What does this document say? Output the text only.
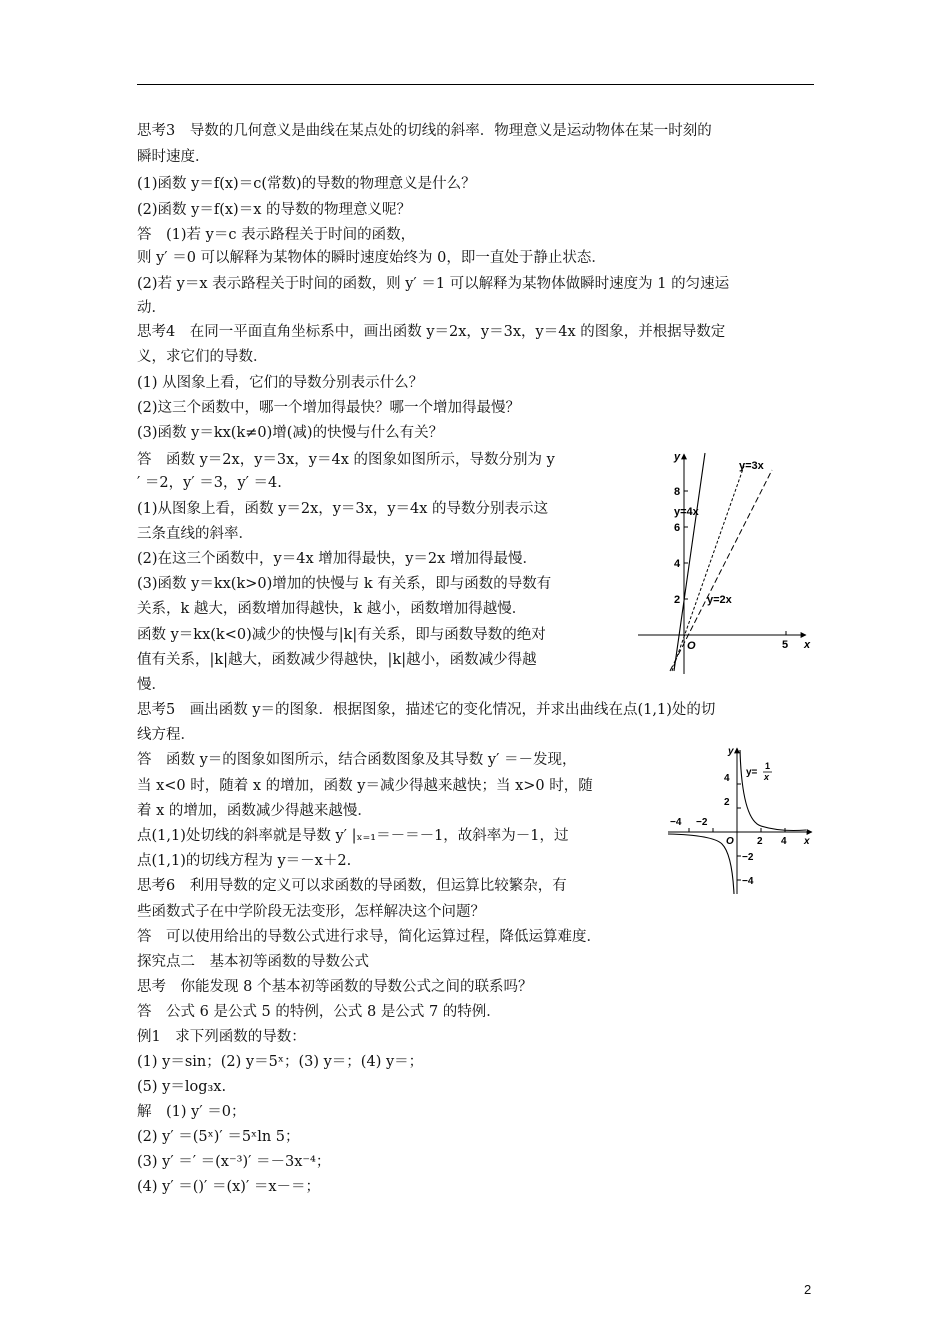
思考3　导数的几何意义是曲线在某点处的切线的斜率．物理意义是运动物体在某一时刻的
瞬时速度．
(1)函数 y＝f(x)＝c(常数)的导数的物理意义是什么？
(2)函数 y＝f(x)＝x 的导数的物理意义呢？
答　(1)若 y＝c 表示路程关于时间的函数，
则 y′ ＝0 可以解释为某物体的瞬时速度始终为 0，即一直处于静止状态．
(2)若 y＝x 表示路程关于时间的函数，则 y′ ＝1 可以解释为某物体做瞬时速度为 1 的匀速运
动．
思考4　在同一平面直角坐标系中，画出函数 y＝2x，y＝3x，y＝4x 的图象，并根据导数定
义，求它们的导数．
(1) 从图象上看，它们的导数分别表示什么？
(2)这三个函数中，哪一个增加得最快？哪一个增加得最慢？
(3)函数 y＝kx(k≠0)增(减)的快慢与什么有关？
答　函数 y＝2x，y＝3x，y＝4x 的图象如图所示，导数分别为 y
′ ＝2，y′ ＝3，y′ ＝4.
(1)从图象上看，函数 y＝2x，y＝3x，y＝4x 的导数分别表示这
三条直线的斜率．
(2)在这三个函数中，y＝4x 增加得最快，y＝2x 增加得最慢．
(3)函数 y＝kx(k>0)增加的快慢与 k 有关系，即与函数的导数有
关系，k 越大，函数增加得越快，k 越小，函数增加得越慢．
函数 y＝kx(k<0)减少的快慢与|k|有关系，即与函数导数的绝对
值有关系，|k|越大，函数减少得越快，|k|越小，函数减少得越
慢．
思考5　画出函数 y＝的图象．根据图象，描述它的变化情况，并求出曲线在点(1,1)处的切
线方程．
答　函数 y＝的图象如图所示，结合函数图象及其导数 y′ ＝－发现，
当 x<0 时，随着 x 的增加，函数 y＝减少得越来越快；当 x>0 时，随
着 x 的增加，函数减少得越来越慢．
点(1,1)处切线的斜率就是导数 y′ |ₓ₌₁＝－＝－1，故斜率为－1，过
点(1,1)的切线方程为 y＝－x＋2.
思考6　利用导数的定义可以求函数的导函数，但运算比较繁杂，有
些函数式子在中学阶段无法变形，怎样解决这个问题？
答　可以使用给出的导数公式进行求导，简化运算过程，降低运算难度．
探究点二　基本初等函数的导数公式
思考　你能发现 8 个基本初等函数的导数公式之间的联系吗？
答　公式 6 是公式 5 的特例，公式 8 是公式 7 的特例．
例1　求下列函数的导数：
(1) y＝sin；(2) y＝5ˣ；(3) y＝；(4) y＝；
(5) y＝log₃x.
解　(1) y′ ＝0；
(2) y′ ＝(5ˣ)′ ＝5ˣln 5；
(3) y′ ＝′ ＝(x⁻³)′ ＝－3x⁻⁴；
(4) y′ ＝()′ ＝(x)′ ＝x－＝；
y
x
O
2
4
6
8
5
y=3x
y=4x
y=2x
y
x
O
−4 −2
2 4
4
2
−2
−4
y=
1
x
2
